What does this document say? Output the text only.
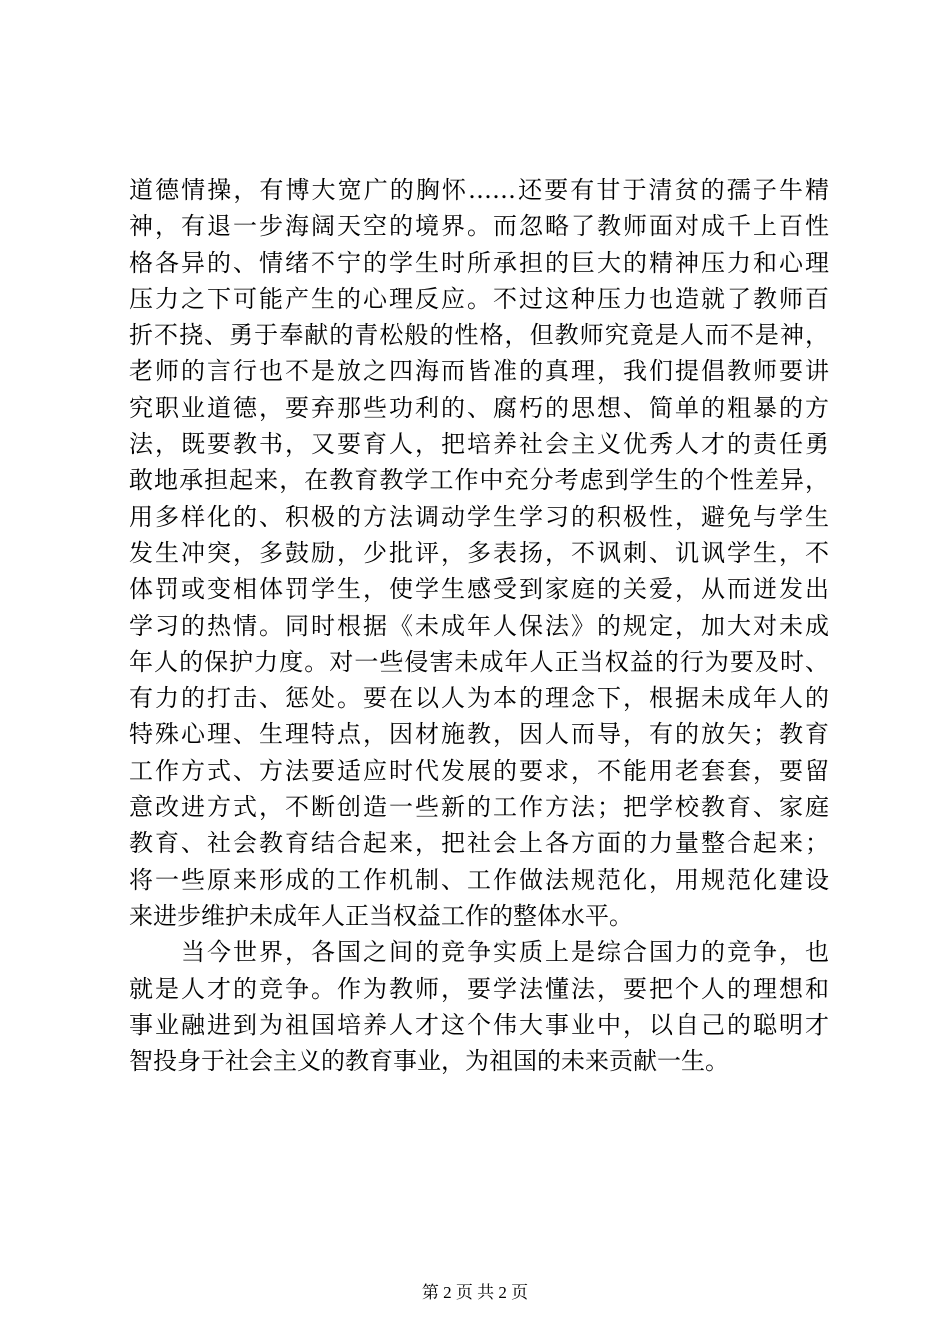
道德情操，有博大宽广的胸怀……还要有甘于清贫的孺子牛精
神，有退一步海阔天空的境界。而忽略了教师面对成千上百性
格各异的、情绪不宁的学生时所承担的巨大的精神压力和心理
压力之下可能产生的心理反应。不过这种压力也造就了教师百
折不挠、勇于奉献的青松般的性格，但教师究竟是人而不是神，
老师的言行也不是放之四海而皆准的真理，我们提倡教师要讲
究职业道德，要弃那些功利的、腐朽的思想、简单的粗暴的方
法，既要教书，又要育人，把培养社会主义优秀人才的责任勇
敢地承担起来，在教育教学工作中充分考虑到学生的个性差异，
用多样化的、积极的方法调动学生学习的积极性，避免与学生
发生冲突，多鼓励，少批评，多表扬，不讽刺、讥讽学生，不
体罚或变相体罚学生，使学生感受到家庭的关爱，从而迸发出
学习的热情。同时根据《未成年人保法》的规定，加大对未成
年人的保护力度。对一些侵害未成年人正当权益的行为要及时、
有力的打击、惩处。要在以人为本的理念下，根据未成年人的
特殊心理、生理特点，因材施教，因人而导，有的放矢；教育
工作方式、方法要适应时代发展的要求，不能用老套套，要留
意改进方式，不断创造一些新的工作方法；把学校教育、家庭
教育、社会教育结合起来，把社会上各方面的力量整合起来；
将一些原来形成的工作机制、工作做法规范化，用规范化建设
来进步维护未成年人正当权益工作的整体水平。
　　当今世界，各国之间的竞争实质上是综合国力的竞争，也
就是人才的竞争。作为教师，要学法懂法，要把个人的理想和
事业融进到为祖国培养人才这个伟大事业中，以自己的聪明才
智投身于社会主义的教育事业，为祖国的未来贡献一生。
第 2 页 共 2 页
